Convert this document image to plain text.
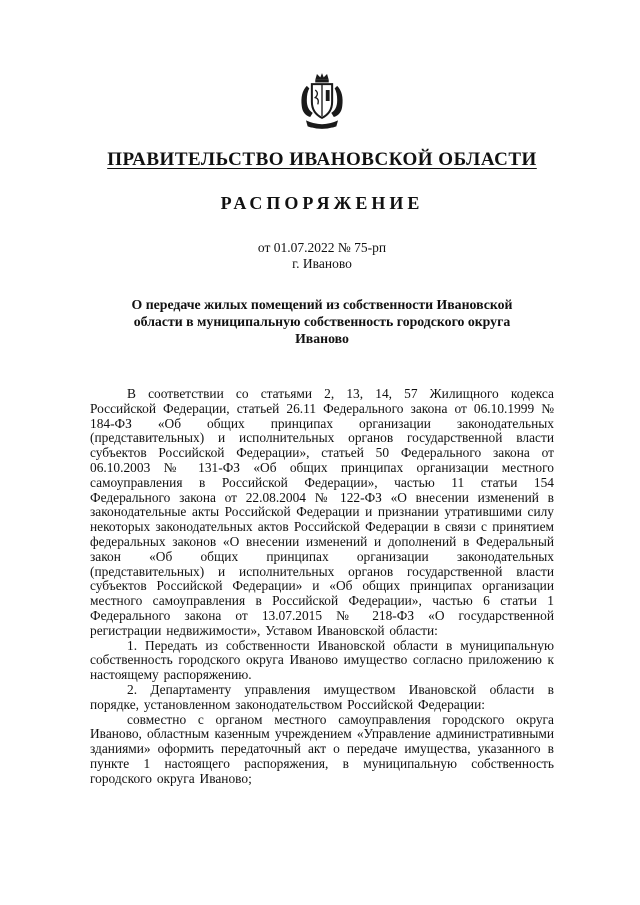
ПРАВИТЕЛЬСТВО ИВАНОВСКОЙ ОБЛАСТИ
РАСПОРЯЖЕНИЕ
от 01.07.2022 № 75-рп
г. Иваново
О передаче жилых помещений из собственности Ивановской области в муниципальную собственность городского округа Иваново

В соответствии со статьями 2, 13, 14, 57 Жилищного кодекса Российской Федерации, статьей 26.11 Федерального закона от 06.10.1999 № 184-ФЗ «Об общих принципах организации законодательных (представительных) и исполнительных органов государственной власти субъектов Российской Федерации», статьей 50 Федерального закона от 06.10.2003 № 131-ФЗ «Об общих принципах организации местного самоуправления в Российской Федерации», частью 11 статьи 154 Федерального закона от 22.08.2004 № 122-ФЗ «О внесении изменений в законодательные акты Российской Федерации и признании утратившими силу некоторых законодательных актов Российской Федерации в связи с принятием федеральных законов «О внесении изменений и дополнений в Федеральный закон «Об общих принципах организации законодательных (представительных) и исполнительных органов государственной власти субъектов Российской Федерации» и «Об общих принципах организации местного самоуправления в Российской Федерации», частью 6 статьи 1 Федерального закона от 13.07.2015 № 218-ФЗ «О государственной регистрации недвижимости», Уставом Ивановской области:

1. Передать из собственности Ивановской области в муниципальную собственность городского округа Иваново имущество согласно приложению к настоящему распоряжению.

2. Департаменту управления имуществом Ивановской области в порядке, установленном законодательством Российской Федерации:

совместно с органом местного самоуправления городского округа Иваново, областным казенным учреждением «Управление административными зданиями» оформить передаточный акт о передаче имущества, указанного в пункте 1 настоящего распоряжения, в муниципальную собственность городского округа Иваново;
